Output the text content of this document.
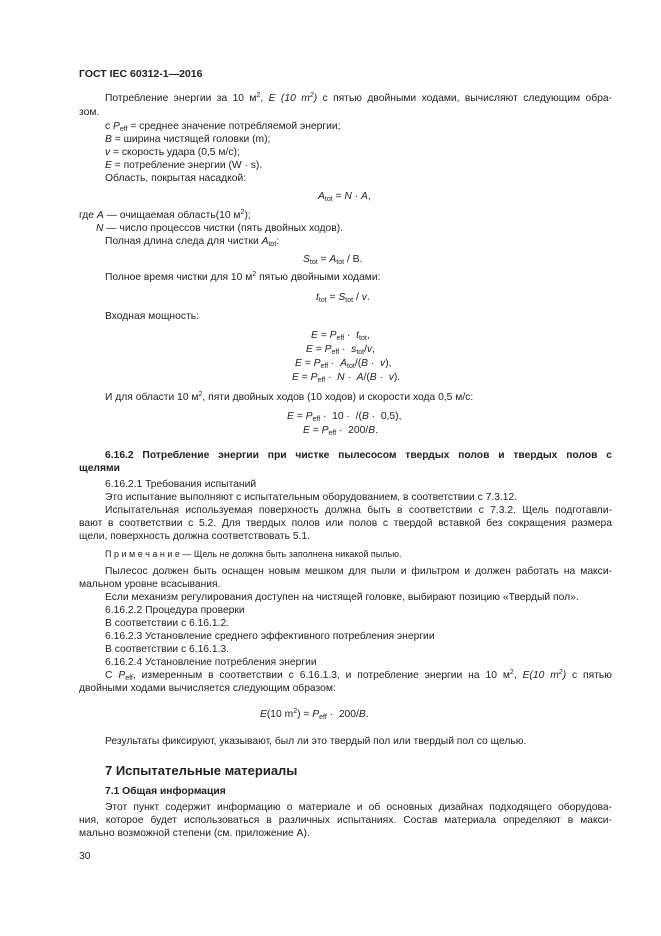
ГОСТ IEC 60312-1—2016
Потребление энергии за 10 $м^2$, E (10 $m^2$) с пятью двойными ходами, вычисляют следующим обра-
зом.
с $P_{eff}$ = среднее значение потребляемой энергии;
B = ширина чистящей головки (m);
v = скорость удара (0,5 м/с);
E = потребление энергии (W · s).
Область, покрытая насадкой:
$A_{tot} = N \cdot A$,
где A — очищаемая область(10 $м^2$);
N — число процессов чистки (пять двойных ходов).
Полная длина следа для чистки $A_{tot}$:
$S_{tot} = A_{tot} / В$.
Полное время чистки для 10 $м^2$ пятью двойными ходами:
$t_{tot} = S_{tot} / v$.
Входная мощность:
$E = P_{eff} \cdot t_{tot}$,
$E = P_{eff} \cdot s_{tot}/v$,
$E = P_{eff} \cdot A_{tot}/(B \cdot v)$,
$E = P_{eff} \cdot N \cdot A/(B \cdot v)$.
И для области 10 $м^2$, пяти двойных ходов (10 ходов) и скорости хода 0,5 м/с:
$E = P_{eff} \cdot 10 \cdot /(B \cdot 0,5)$,
$E = P_{eff} \cdot 200/B$.
6.16.2 Потребление энергии при чистке пылесосом твердых полов и твердых полов с
щелями
6.16.2.1 Требования испытаний
Это испытание выполняют с испытательным оборудованием, в соответствии с 7.3.12.
Испытательная используемая поверхность должна быть в соответствии с 7.3.2. Щель подготавли-
вают в соответствии с 5.2. Для твердых полов или полов с твердой вставкой без сокращения размера
щели, поверхность должна соответствовать 5.1.
П р и м е ч а н и е — Щель не должна быть заполнена никакой пылью.
Пылесос должен быть оснащен новым мешком для пыли и фильтром и должен работать на макси-
мальном уровне всасывания.
Если механизм регулирования доступен на чистящей головке, выбирают позицию «Твердый пол».
6.16.2.2 Процедура проверки
В соответствии с 6.16.1.2.
6.16.2.3 Установление среднего эффективного потребления энергии
В соответствии с 6.16.1.3.
6.16.2.4 Установление потребления энергии
С $P_{eff}$, измеренным в соответствии с 6.16.1.3, и потребление энергии на 10 $м^2$, E(10 $m^2$) с пятью
двойными ходами вычисляется следующим образом:
E(10 $m^2) = P_{eff} \cdot 200/B$.
Результаты фиксируют, указывают, был ли это твердый пол или твердый пол со щелью.
7 Испытательные материалы
7.1 Общая информация
Этот пункт содержит информацию о материале и об основных дизайнах подходящего оборудова-
ния, которое будет использоваться в различных испытаниях. Состав материала определяют в макси-
мально возможной степени (см. приложение А).
30
